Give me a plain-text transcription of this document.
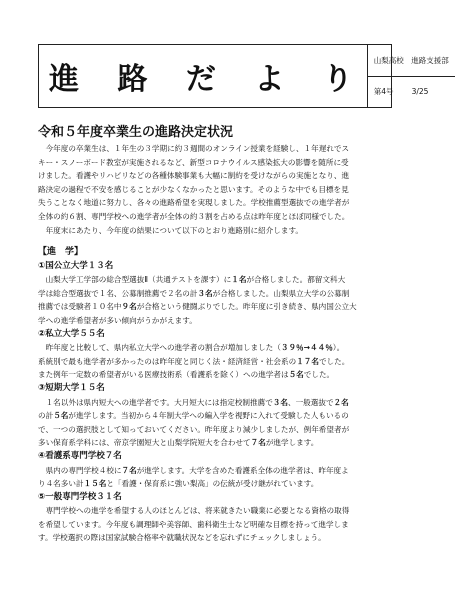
進 路 だ よ り
山梨高校　進路支援部
第4号 3/25
令和５年度卒業生の進路決定状況

今年度の卒業生は、１年生の３学期に約３週間のオンライン授業を経験し、１年遅れでス

キー・スノーボード教室が実施されるなど、新型コロナウイルス感染拡大の影響を随所に受

けました。看護やリハビリなどの各種体験事業も大幅に制約を受けながらの実施となり、進

路決定の過程で不安を感じることが少なくなかったと思います。そのような中でも目標を見

失うことなく地道に努力し、各々の進路希望を実現しました。学校推薦型選抜での進学者が

全体の約６割、専門学校への進学者が全体の約３割を占める点は昨年度とほぼ同様でした。

年度末にあたり、今年度の結果について以下のとおり進路別に紹介します。

【進　学】

①国公立大学１３名

山梨大学工学部の総合型選抜Ⅱ（共通テストを課す）に１名が合格しました。都留文科大

学は総合型選抜で１名、公募制推薦で２名の計３名が合格しました。山梨県立大学の公募制

推薦では受験者１０名中９名が合格という健闘ぶりでした。昨年度に引き続き、県内国公立大

学への進学希望者が多い傾向がうかがえます。

②私立大学５５名

昨年度と比較して、県内私立大学への進学者の割合が増加しました（３９％→４４％）。

系統別で最も進学者が多かったのは昨年度と同じく法・経済経営・社会系の１７名でした。

また例年一定数の希望者がいる医療技術系（看護系を除く）への進学者は５名でした。

③短期大学１５名

１名以外は県内短大への進学者です。大月短大には指定校制推薦で３名、一般選抜で２名

の計５名が進学します。当初から４年制大学への編入学を視野に入れて受験した人もいるの

で、一つの選択肢として知っておいてください。昨年度より減少しましたが、例年希望者が

多い保育系学科には、帝京学園短大と山梨学院短大を合わせて７名が進学します。

④看護系専門学校７名

県内の専門学校４校に７名が進学します。大学を含めた看護系全体の進学者は、昨年度よ

り４名多い計１５名と「看護・保育系に強い梨高」の伝統が受け継がれています。

⑤一般専門学校３１名

専門学校への進学を希望する人のほとんどは、将来就きたい職業に必要となる資格の取得

を希望しています。今年度も調理師や美容師、歯科衛生士など明確な目標を持って進学しま

す。学校選択の際は国家試験合格率や就職状況などを忘れずにチェックしましょう。
